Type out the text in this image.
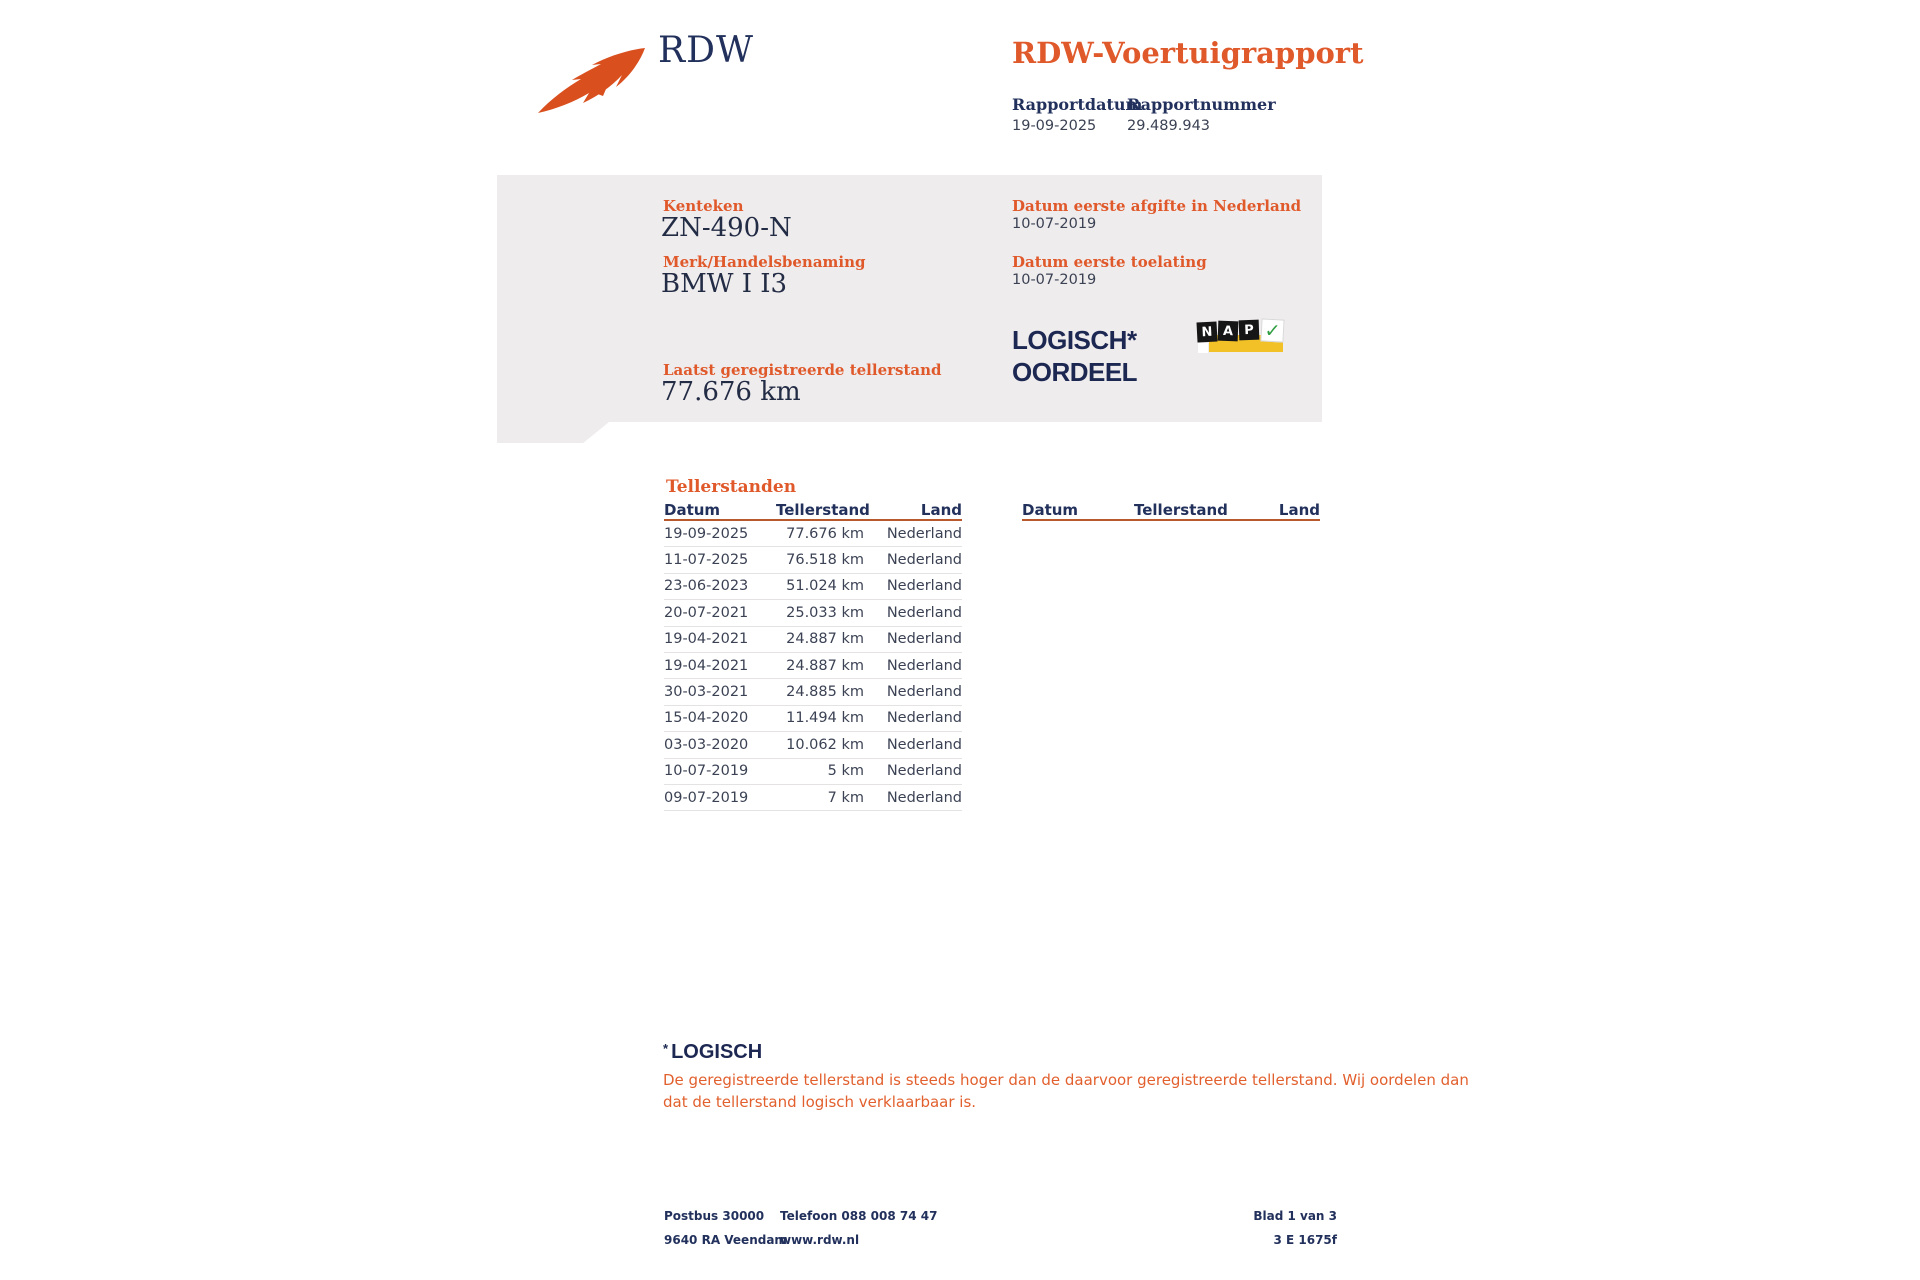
RDW	RDW-Voertuigrapport
Rapportdatum
Rapportnummer
19-09-2025 29.489.943
Kenteken
ZN-490-N
Merk/Handelsbenaming
BMW I I3
Laatst geregistreerde tellerstand
77.676 km
Datum eerste afgifte in Nederland
10-07-2019
Datum eerste toelating
10-07-2019
LOGISCH*
OORDEEL
N A P ✓
Tellerstanden
Datum	Tellerstand	Land
19-09-2025	77.676 km	Nederland
11-07-2025	76.518 km	Nederland
23-06-2023	51.024 km	Nederland
20-07-2021	25.033 km	Nederland
19-04-2021	24.887 km	Nederland
19-04-2021	24.887 km	Nederland
30-03-2021	24.885 km	Nederland
15-04-2020	11.494 km	Nederland
03-03-2020	10.062 km	Nederland
10-07-2019	5 km	Nederland
09-07-2019	7 km	Nederland
Datum	Tellerstand	Land
* LOGISCH
De geregistreerde tellerstand is steeds hoger dan de daarvoor geregistreerde tellerstand. Wij oordelen dan
dat de tellerstand logisch verklaarbaar is.
Postbus 30000
9640 RA Veendam
Telefoon 088 008 74 47
www.rdw.nl
Blad 1 van 3
3 E 1675f
